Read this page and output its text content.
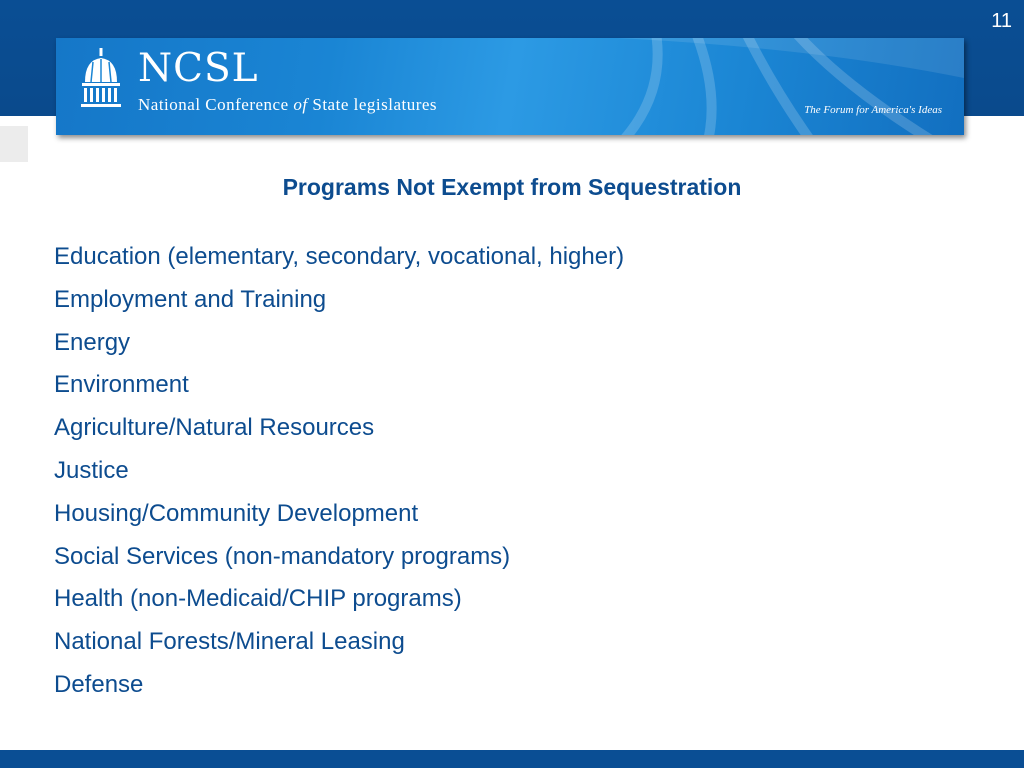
11
NCSL
National Conference of State legislatures	The Forum for America's Ideas
Programs Not Exempt from Sequestration
Education (elementary, secondary, vocational, higher)
Employment and Training
Energy
Environment
Agriculture/Natural Resources
Justice
Housing/Community Development
Social Services (non-mandatory programs)
Health (non-Medicaid/CHIP programs)
National Forests/Mineral Leasing
Defense
